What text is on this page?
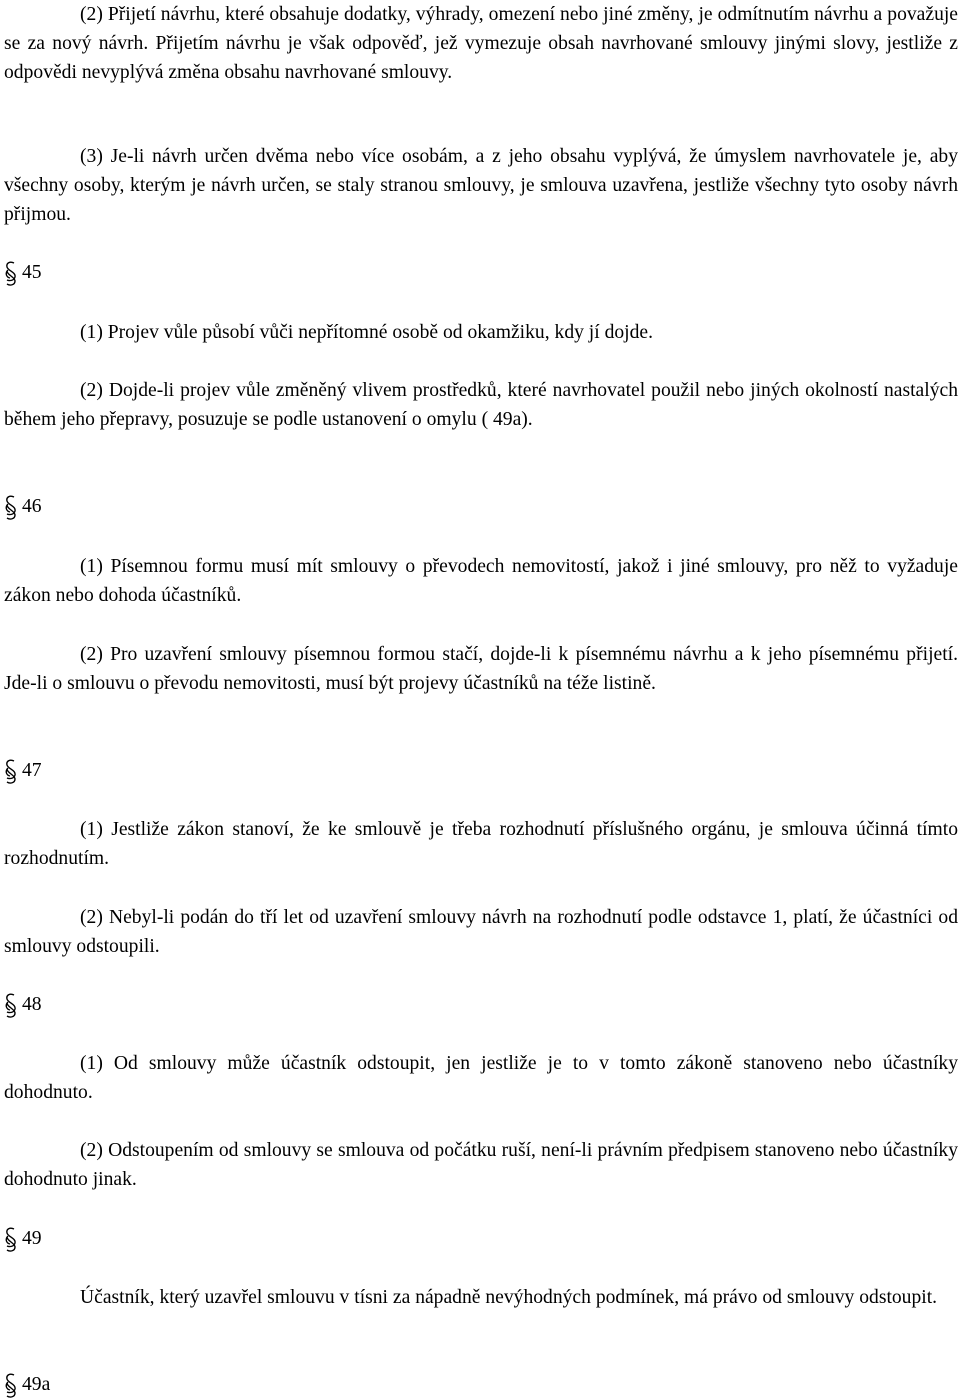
(2) Přijetí návrhu, které obsahuje dodatky, výhrady, omezení nebo jiné změny, je odmítnutím návrhu a považuje se za nový návrh. Přijetím návrhu je však odpověď, jež vymezuje obsah navrhované smlouvy jinými slovy, jestliže z odpovědi nevyplývá změna obsahu navrhované smlouvy.

(3) Je-li návrh určen dvěma nebo více osobám, a z jeho obsahu vyplývá, že úmyslem navrhovatele je, aby všechny osoby, kterým je návrh určen, se staly stranou smlouvy, je smlouva uzavřena, jestliže všechny tyto osoby návrh přijmou.

45

(1) Projev vůle působí vůči nepřítomné osobě od okamžiku, kdy jí dojde.

(2) Dojde-li projev vůle změněný vlivem prostředků, které navrhovatel použil nebo jiných okolností nastalých během jeho přepravy, posuzuje se podle ustanovení o omylu ( 49a).

46

(1) Písemnou formu musí mít smlouvy o převodech nemovitostí, jakož i jiné smlouvy, pro něž to vyžaduje zákon nebo dohoda účastníků.

(2) Pro uzavření smlouvy písemnou formou stačí, dojde-li k písemnému návrhu a k jeho písemnému přijetí. Jde-li o smlouvu o převodu nemovitosti, musí být projevy účastníků na téže listině.

47

(1) Jestliže zákon stanoví, že ke smlouvě je třeba rozhodnutí příslušného orgánu, je smlouva účinná tímto rozhodnutím.

(2) Nebyl-li podán do tří let od uzavření smlouvy návrh na rozhodnutí podle odstavce 1, platí, že účastníci od smlouvy odstoupili.

48

(1) Od smlouvy může účastník odstoupit, jen jestliže je to v tomto zákoně stanoveno nebo účastníky dohodnuto.

(2) Odstoupením od smlouvy se smlouva od počátku ruší, není-li právním předpisem stanoveno nebo účastníky dohodnuto jinak.

49

Účastník, který uzavřel smlouvu v tísni za nápadně nevýhodných podmínek, má právo od smlouvy odstoupit.

49a
